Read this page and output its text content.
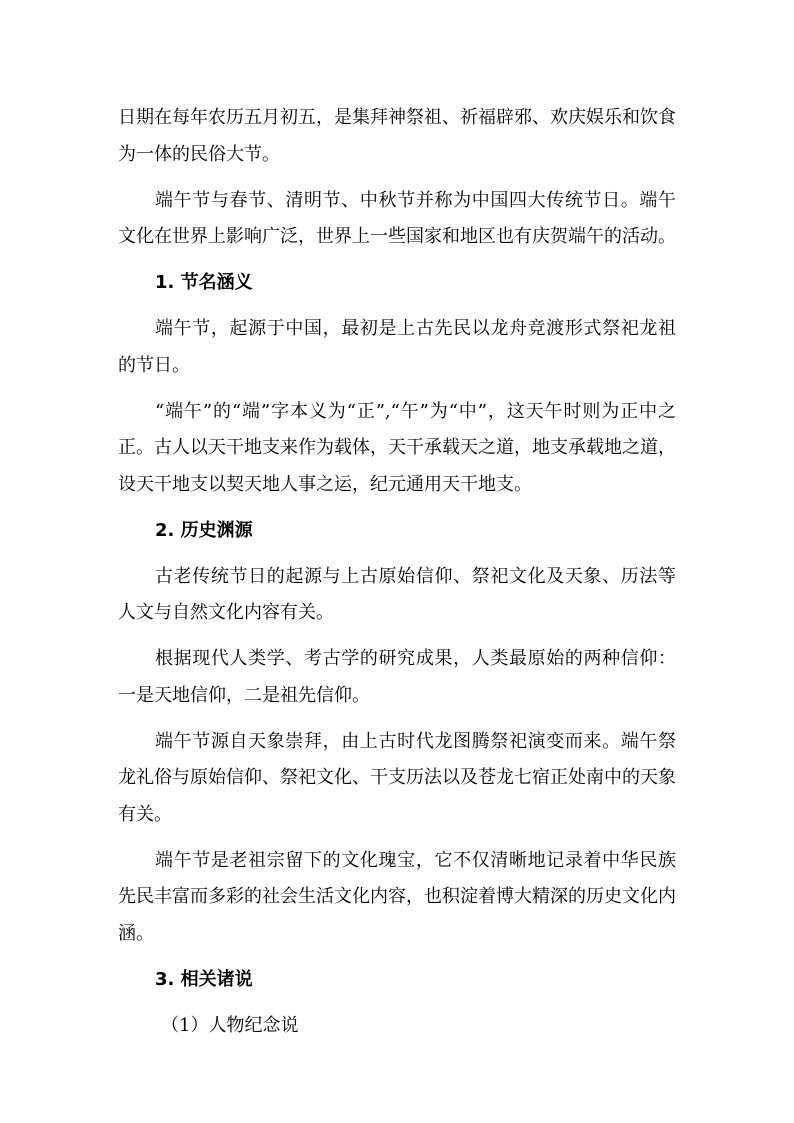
日期在每年农历五月初五，是集拜神祭祖、祈福辟邪、欢庆娱乐和饮食为一体的民俗大节。

端午节与春节、清明节、中秋节并称为中国四大传统节日。端午文化在世界上影响广泛，世界上一些国家和地区也有庆贺端午的活动。

1. 节名涵义

端午节，起源于中国，最初是上古先民以龙舟竞渡形式祭祀龙祖的节日。

“端午”的“端”字本义为“正”,“午”为“中”，这天午时则为正中之正。古人以天干地支来作为载体，天干承载天之道，地支承载地之道，设天干地支以契天地人事之运，纪元通用天干地支。

2. 历史渊源

古老传统节日的起源与上古原始信仰、祭祀文化及天象、历法等人文与自然文化内容有关。

根据现代人类学、考古学的研究成果，人类最原始的两种信仰：一是天地信仰，二是祖先信仰。

端午节源自天象崇拜，由上古时代龙图腾祭祀演变而来。端午祭龙礼俗与原始信仰、祭祀文化、干支历法以及苍龙七宿正处南中的天象有关。

端午节是老祖宗留下的文化瑰宝，它不仅清晰地记录着中华民族先民丰富而多彩的社会生活文化内容，也积淀着博大精深的历史文化内涵。

3. 相关诸说

（1）人物纪念说
